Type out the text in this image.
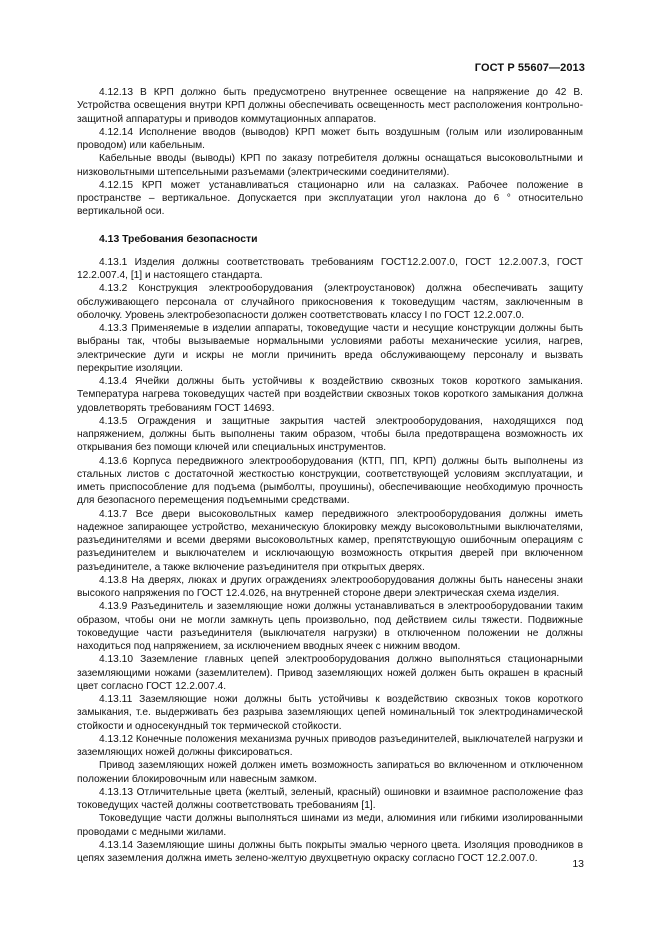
ГОСТ Р 55607—2013

4.12.13 В КРП должно быть предусмотрено внутреннее освещение на напряжение до 42 В. Устройства освещения внутри КРП должны обеспечивать освещенность мест расположения контрольно-защитной аппаратуры и приводов коммутационных аппаратов.

4.12.14 Исполнение вводов (выводов) КРП может быть воздушным (голым или изолированным проводом) или кабельным.

Кабельные вводы (выводы) КРП по заказу потребителя должны оснащаться высоковольтными и низковольтными штепсельными разъемами (электрическими соединителями).

4.12.15 КРП может устанавливаться стационарно или на салазках. Рабочее положение в пространстве – вертикальное. Допускается при эксплуатации угол наклона до 6 ° относительно вертикальной оси.

4.13 Требования безопасности

4.13.1 Изделия должны соответствовать требованиям ГОСТ12.2.007.0, ГОСТ 12.2.007.3, ГОСТ 12.2.007.4, [1] и настоящего стандарта.

4.13.2 Конструкция электрооборудования (электроустановок) должна обеспечивать защиту обслуживающего персонала от случайного прикосновения к токоведущим частям, заключенным в оболочку. Уровень электробезопасности должен соответствовать классу I по ГОСТ 12.2.007.0.

4.13.3 Применяемые в изделии аппараты, токоведущие части и несущие конструкции должны быть выбраны так, чтобы вызываемые нормальными условиями работы механические усилия, нагрев, электрические дуги и искры не могли причинить вреда обслуживающему персоналу и вызвать перекрытие изоляции.

4.13.4 Ячейки должны быть устойчивы к воздействию сквозных токов короткого замыкания. Температура нагрева токоведущих частей при воздействии сквозных токов короткого замыкания должна удовлетворять требованиям ГОСТ 14693.

4.13.5 Ограждения и защитные закрытия частей электрооборудования, находящихся под напряжением, должны быть выполнены таким образом, чтобы была предотвращена возможность их открывания без помощи ключей или специальных инструментов.

4.13.6 Корпуса передвижного электрооборудования (КТП, ПП, КРП) должны быть выполнены из стальных листов с достаточной жесткостью конструкции, соответствующей условиям эксплуатации, и иметь приспособление для подъема (рымболты, проушины), обеспечивающие необходимую прочность для безопасного перемещения подъемными средствами.

4.13.7 Все двери высоковольтных камер передвижного электрооборудования должны иметь надежное запирающее устройство, механическую блокировку между высоковольтными выключателями, разъединителями и всеми дверями высоковольтных камер, препятствующую ошибочным операциям с разъединителем и выключателем и исключающую возможность открытия дверей при включенном разъединителе, а также включение разъединителя при открытых дверях.

4.13.8 На дверях, люках и других ограждениях электрооборудования должны быть нанесены знаки высокого напряжения по ГОСТ 12.4.026, на внутренней стороне двери электрическая схема изделия.

4.13.9 Разъединитель и заземляющие ножи должны устанавливаться в электрооборудовании таким образом, чтобы они не могли замкнуть цепь произвольно, под действием силы тяжести. Подвижные токоведущие части разъединителя (выключателя нагрузки) в отключенном положении не должны находиться под напряжением, за исключением вводных ячеек с нижним вводом.

4.13.10 Заземление главных цепей электрооборудования должно выполняться стационарными заземляющими ножами (заземлителем). Привод заземляющих ножей должен быть окрашен в красный цвет согласно ГОСТ 12.2.007.4.

4.13.11 Заземляющие ножи должны быть устойчивы к воздействию сквозных токов короткого замыкания, т.е. выдерживать без разрыва заземляющих цепей номинальный ток электродинамической стойкости и односекундный ток термической стойкости.

4.13.12 Конечные положения механизма ручных приводов разъединителей, выключателей нагрузки и заземляющих ножей должны фиксироваться.

Привод заземляющих ножей должен иметь возможность запираться во включенном и отключенном положении блокировочным или навесным замком.

4.13.13 Отличительные цвета (желтый, зеленый, красный) ошиновки и взаимное расположение фаз токоведущих частей должны соответствовать требованиям [1].

Токоведущие части должны выполняться шинами из меди, алюминия или гибкими изолированными проводами с медными жилами.

4.13.14 Заземляющие шины должны быть покрыты эмалью черного цвета. Изоляция проводников в цепях заземления должна иметь зелено-желтую двухцветную окраску согласно ГОСТ 12.2.007.0.	13
